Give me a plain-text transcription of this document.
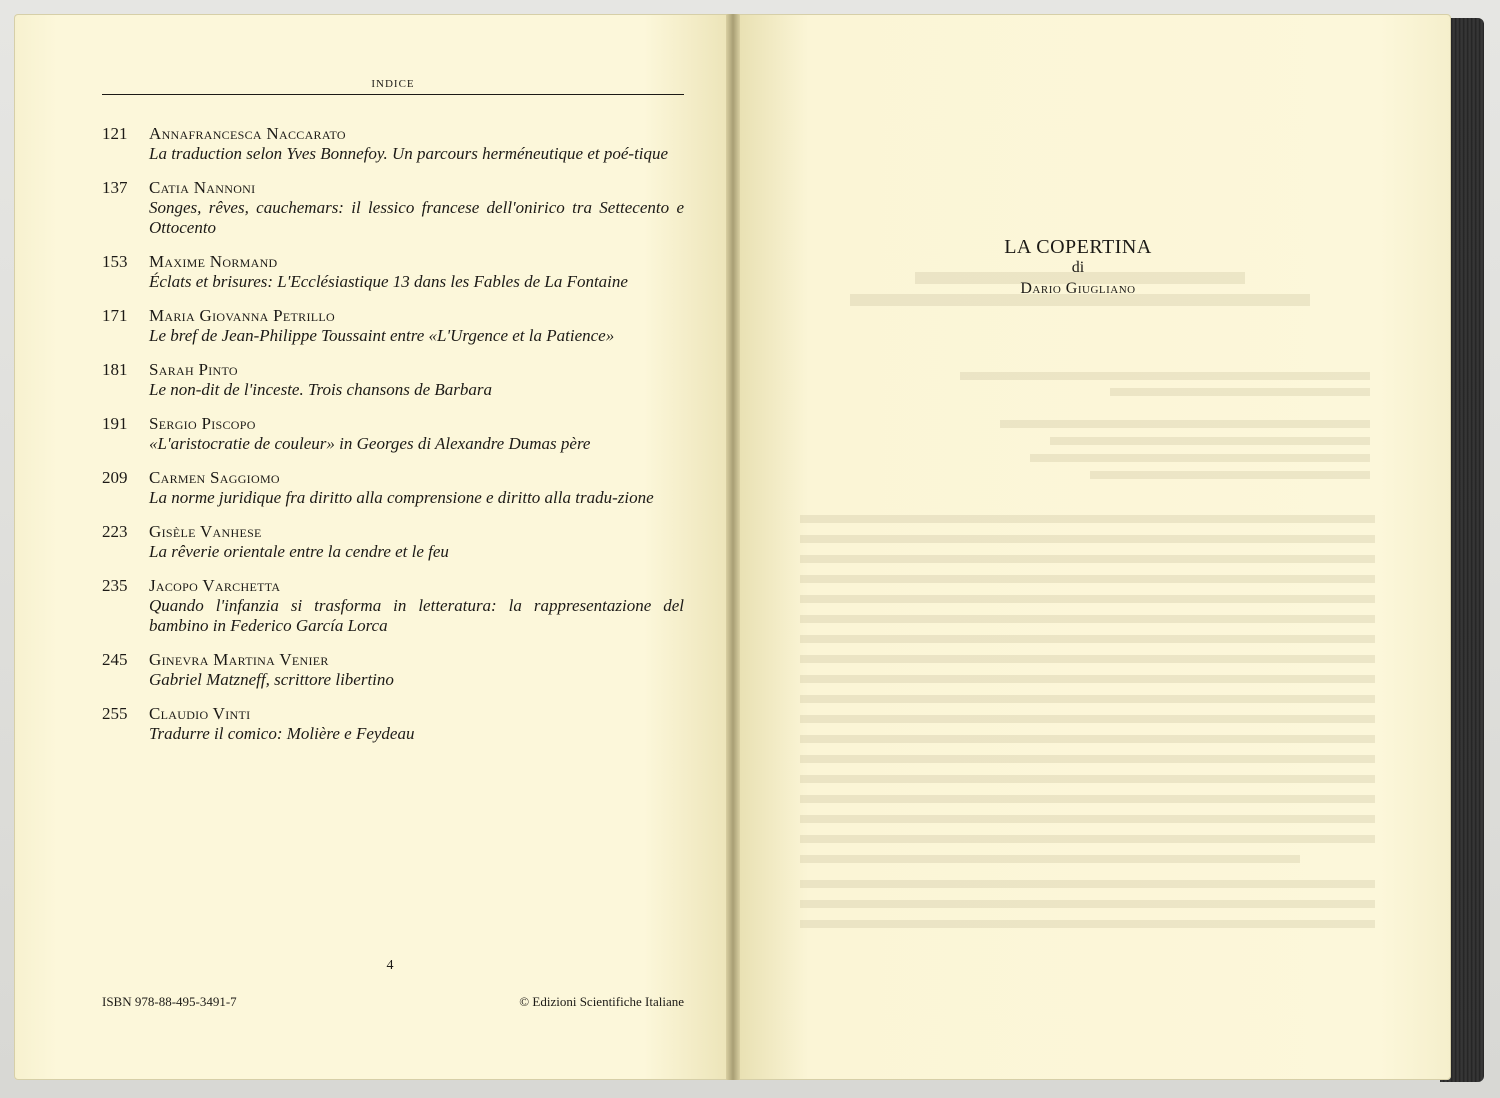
INDICE
121	Annafrancesca Naccarato
La traduction selon Yves Bonnefoy. Un parcours herméneutique et poé-tique
137	Catia Nannoni
Songes, rêves, cauchemars: il lessico francese dell'onirico tra Settecento e Ottocento
153	Maxime Normand
Éclats et brisures: L'Ecclésiastique 13 dans les Fables de La Fontaine
171	Maria Giovanna Petrillo
Le bref de Jean-Philippe Toussaint entre «L'Urgence et la Patience»
181	Sarah Pinto
Le non-dit de l'inceste. Trois chansons de Barbara
191	Sergio Piscopo
«L'aristocratie de couleur» in Georges di Alexandre Dumas père
209	Carmen Saggiomo
La norme juridique fra diritto alla comprensione e diritto alla tradu-zione
223	Gisèle Vanhese
La rêverie orientale entre la cendre et le feu
235	Jacopo Varchetta
Quando l'infanzia si trasforma in letteratura: la rappresentazione del bambino in Federico García Lorca
245	Ginevra Martina Venier
Gabriel Matzneff, scrittore libertino
255	Claudio Vinti
Tradurre il comico: Molière e Feydeau
4
ISBN 978-88-495-3491-7	© Edizioni Scientifiche Italiane
LA COPERTINA
di
Dario Giugliano
